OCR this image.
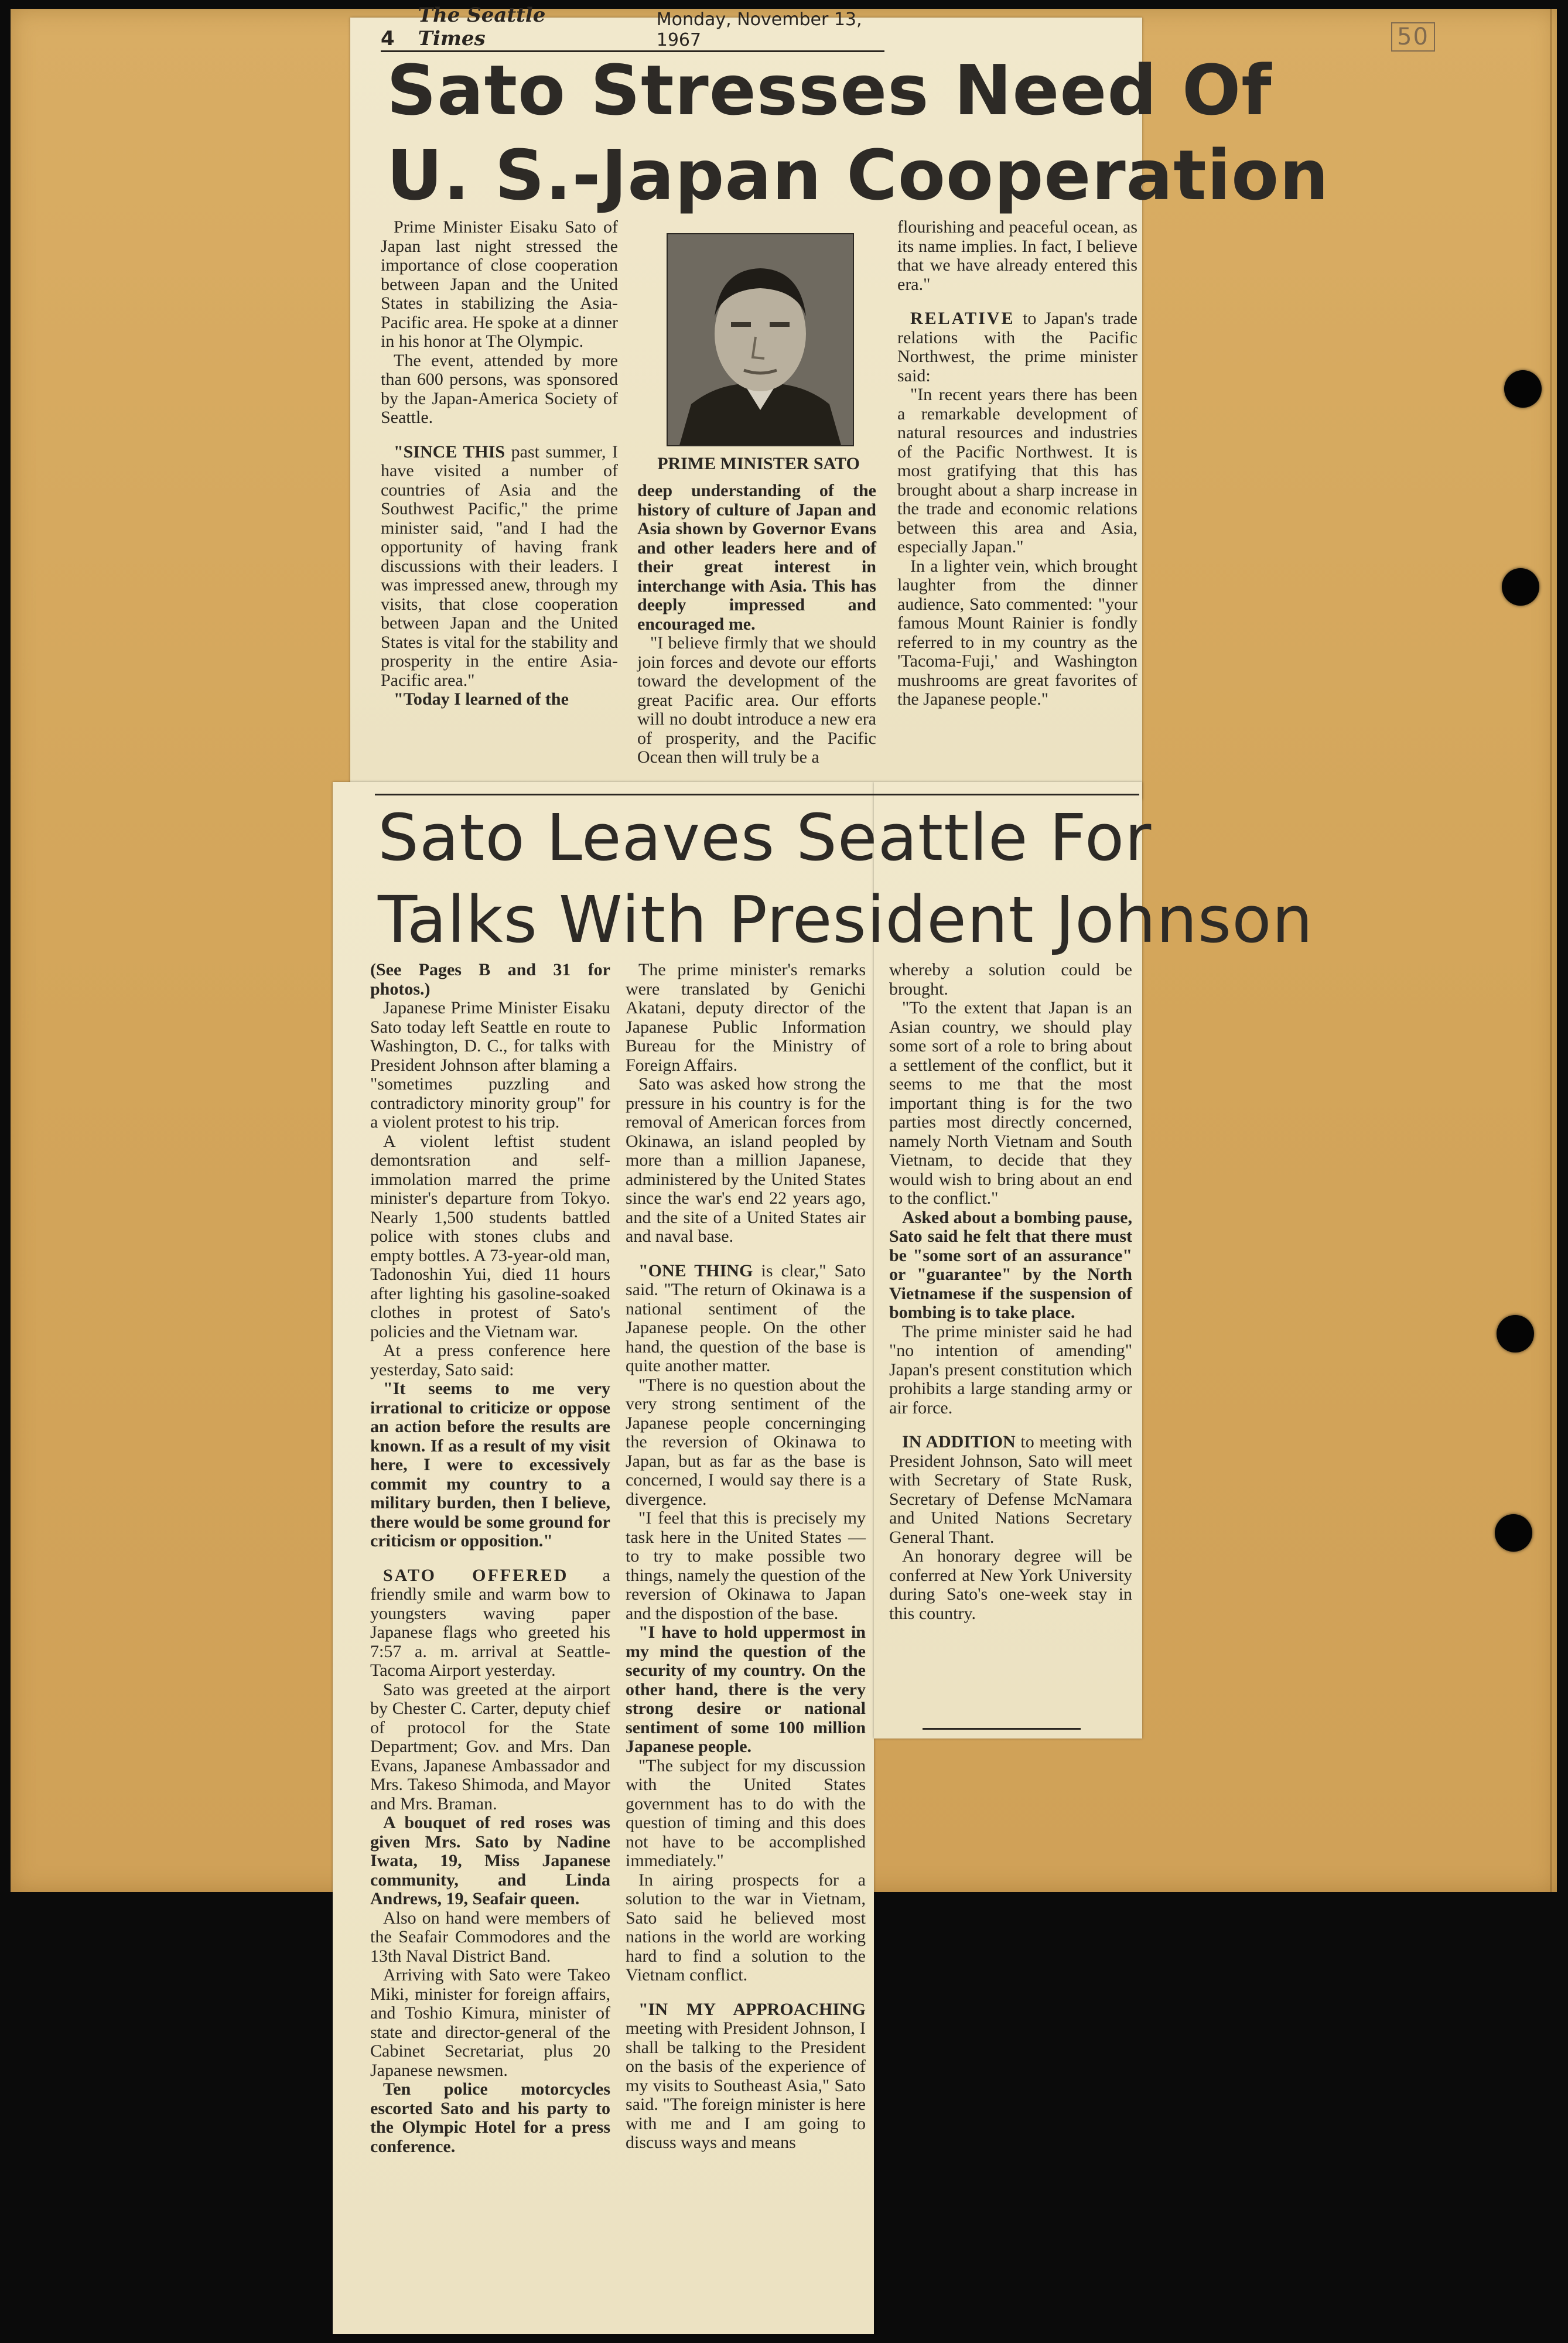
50
4
The Seattle Times
Monday, November 13, 1967
Sato Stresses Need Of
U. S.-Japan Cooperation

Prime Minister Eisaku Sato of Japan last night stressed the importance of close cooperation between Japan and the United States in stabilizing the Asia-Pacific area. He spoke at a dinner in his honor at The Olympic.

The event, attended by more than 600 persons, was sponsored by the Japan-America Society of Seattle.

"SINCE THIS past summer, I have visited a number of countries of Asia and the Southwest Pacific," the prime minister said, "and I had the opportunity of having frank discussions with their leaders. I was impressed anew, through my visits, that close cooperation between Japan and the United States is vital for the stability and prosperity in the entire Asia-Pacific area."

"Today I learned of the

PRIME MINISTER SATO

deep understanding of the history of culture of Japan and Asia shown by Governor Evans and other leaders here and of their great interest in interchange with Asia. This has deeply impressed and encouraged me.

"I believe firmly that we should join forces and devote our efforts toward the development of the great Pacific area. Our efforts will no doubt introduce a new era of prosperity, and the Pacific Ocean then will truly be a

flourishing and peaceful ocean, as its name implies. In fact, I believe that we have already entered this era."

RELATIVE to Japan's trade relations with the Pacific Northwest, the prime minister said:

"In recent years there has been a remarkable development of natural resources and industries of the Pacific Northwest. It is most gratifying that this has brought about a sharp increase in the trade and economic relations between this area and Asia, especially Japan."

In a lighter vein, which brought laughter from the dinner audience, Sato commented: "your famous Mount Rainier is fondly referred to in my country as the 'Tacoma-Fuji,' and Washington mushrooms are great favorites of the Japanese people."

Sato Leaves Seattle For
Talks With President Johnson

(See Pages B and 31 for photos.)

Japanese Prime Minister Eisaku Sato today left Seattle en route to Washington, D. C., for talks with President Johnson after blaming a "sometimes puzzling and contradictory minority group" for a violent protest to his trip.

A violent leftist student demontsration and self-immolation marred the prime minister's departure from Tokyo. Nearly 1,500 students battled police with stones clubs and empty bottles. A 73-year-old man, Tadonoshin Yui, died 11 hours after lighting his gasoline-soaked clothes in protest of Sato's policies and the Vietnam war.

At a press conference here yesterday, Sato said:

"It seems to me very irrational to criticize or oppose an action before the results are known. If as a result of my visit here, I were to excessively commit my country to a military burden, then I believe, there would be some ground for criticism or opposition."

SATO OFFERED a friendly smile and warm bow to youngsters waving paper Japanese flags who greeted his 7:57 a. m. arrival at Seattle-Tacoma Airport yesterday.

Sato was greeted at the airport by Chester C. Carter, deputy chief of protocol for the State Department; Gov. and Mrs. Dan Evans, Japanese Ambassador and Mrs. Takeso Shimoda, and Mayor and Mrs. Braman.

A bouquet of red roses was given Mrs. Sato by Nadine Iwata, 19, Miss Japanese community, and Linda Andrews, 19, Seafair queen.

Also on hand were members of the Seafair Commodores and the 13th Naval District Band.

Arriving with Sato were Takeo Miki, minister for foreign affairs, and Toshio Kimura, minister of state and director-general of the Cabinet Secretariat, plus 20 Japanese newsmen.

Ten police motorcycles escorted Sato and his party to the Olympic Hotel for a press conference.

The prime minister's remarks were translated by Genichi Akatani, deputy director of the Japanese Public Information Bureau for the Ministry of Foreign Affairs.

Sato was asked how strong the pressure in his country is for the removal of American forces from Okinawa, an island peopled by more than a million Japanese, administered by the United States since the war's end 22 years ago, and the site of a United States air and naval base.

"ONE THING is clear," Sato said. "The return of Okinawa is a national sentiment of the Japanese people. On the other hand, the question of the base is quite another matter.

"There is no question about the very strong sentiment of the Japanese people concerninging the reversion of Okinawa to Japan, but as far as the base is concerned, I would say there is a divergence.

"I feel that this is precisely my task here in the United States — to try to make possible two things, namely the question of the reversion of Okinawa to Japan and the dispostion of the base.

"I have to hold uppermost in my mind the question of the security of my country. On the other hand, there is the very strong desire or national sentiment of some 100 million Japanese people.

"The subject for my discussion with the United States government has to do with the question of timing and this does not have to be accomplished immediately."

In airing prospects for a solution to the war in Vietnam, Sato said he believed most nations in the world are working hard to find a solution to the Vietnam conflict.

"IN MY APPROACHING meeting with President Johnson, I shall be talking to the President on the basis of the experience of my visits to Southeast Asia," Sato said. "The foreign minister is here with me and I am going to discuss ways and means

whereby a solution could be brought.

"To the extent that Japan is an Asian country, we should play some sort of a role to bring about a settlement of the conflict, but it seems to me that the most important thing is for the two parties most directly concerned, namely North Vietnam and South Vietnam, to decide that they would wish to bring about an end to the conflict."

Asked about a bombing pause, Sato said he felt that there must be "some sort of an assurance" or "guarantee" by the North Vietnamese if the suspension of bombing is to take place.

The prime minister said he had "no intention of amending" Japan's present constitution which prohibits a large standing army or air force.

IN ADDITION to meeting with President Johnson, Sato will meet with Secretary of State Rusk, Secretary of Defense McNamara and United Nations Secretary General Thant.

An honorary degree will be conferred at New York University during Sato's one-week stay in this country.
